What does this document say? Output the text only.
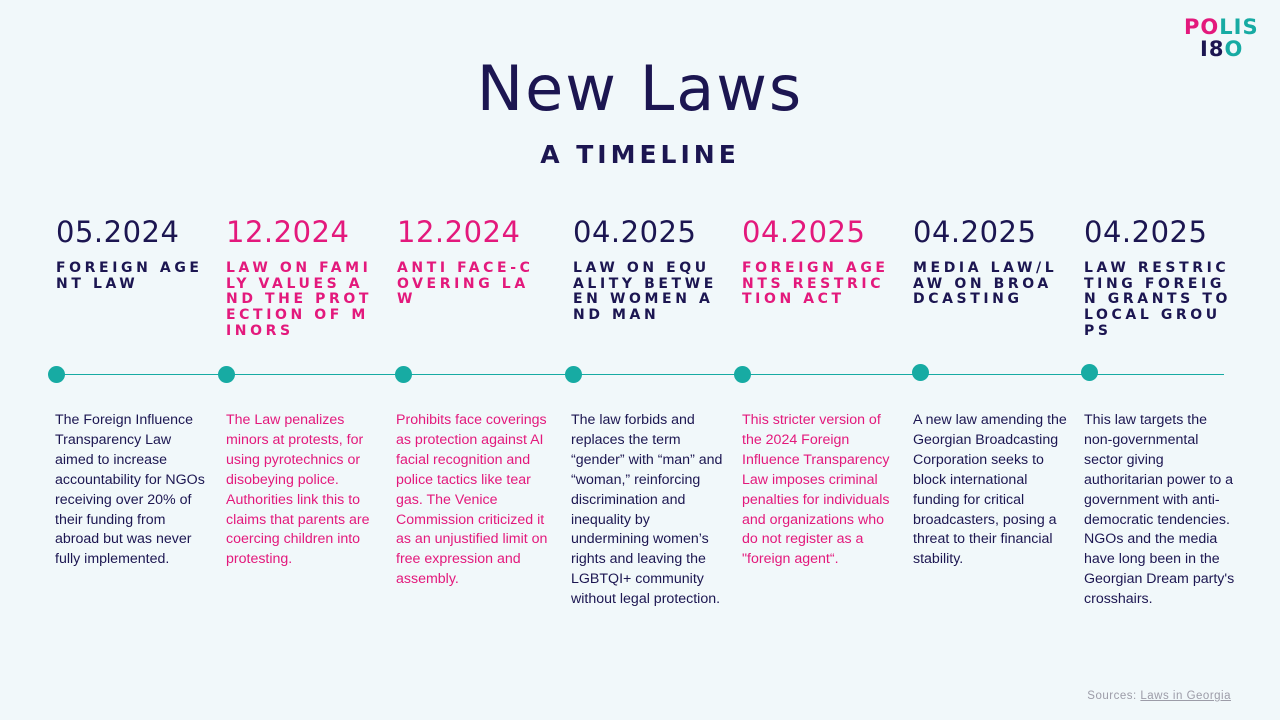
POLIS
I8O
New Laws
A TIMELINE
05.2024
FOREIGN AGENT LAW
The Foreign Influence Transparency Law aimed to increase accountability for NGOs receiving over 20% of their funding from abroad but was never fully implemented.
12.2024
LAW ON FAMILY VALUES AND THE PROTECTION OF MINORS
The Law penalizes minors at protests, for using pyrotechnics or disobeying police. Authorities link this to claims that parents are coercing children into protesting.
12.2024
ANTI FACE-COVERING LAW
Prohibits face coverings as protection against AI facial recognition and police tactics like tear gas. The Venice Commission criticized it as an unjustified limit on free expression and assembly.
04.2025
LAW ON EQUALITY BETWEEN WOMEN AND MAN
The law forbids and replaces the term “gender” with “man” and “woman,” reinforcing discrimination and inequality by undermining women’s rights and leaving the LGBTQI+ community without legal protection.
04.2025
FOREIGN AGENTS RESTRICTION ACT
This stricter version of the 2024 Foreign Influence Transparency Law imposes criminal penalties for individuals and organizations who do not register as a "foreign agent“.
04.2025
MEDIA LAW/LAW ON BROADCASTING
A new law amending the Georgian Broadcasting Corporation seeks to block international funding for critical broadcasters, posing a threat to their financial stability.
04.2025
LAW RESTRICTING FOREIGN GRANTS TO LOCAL GROUPS
This law targets the non-governmental sector giving authoritarian power to a government with anti-democratic tendencies. NGOs and the media have long been in the Georgian Dream party's crosshairs.
Sources: Laws in Georgia
